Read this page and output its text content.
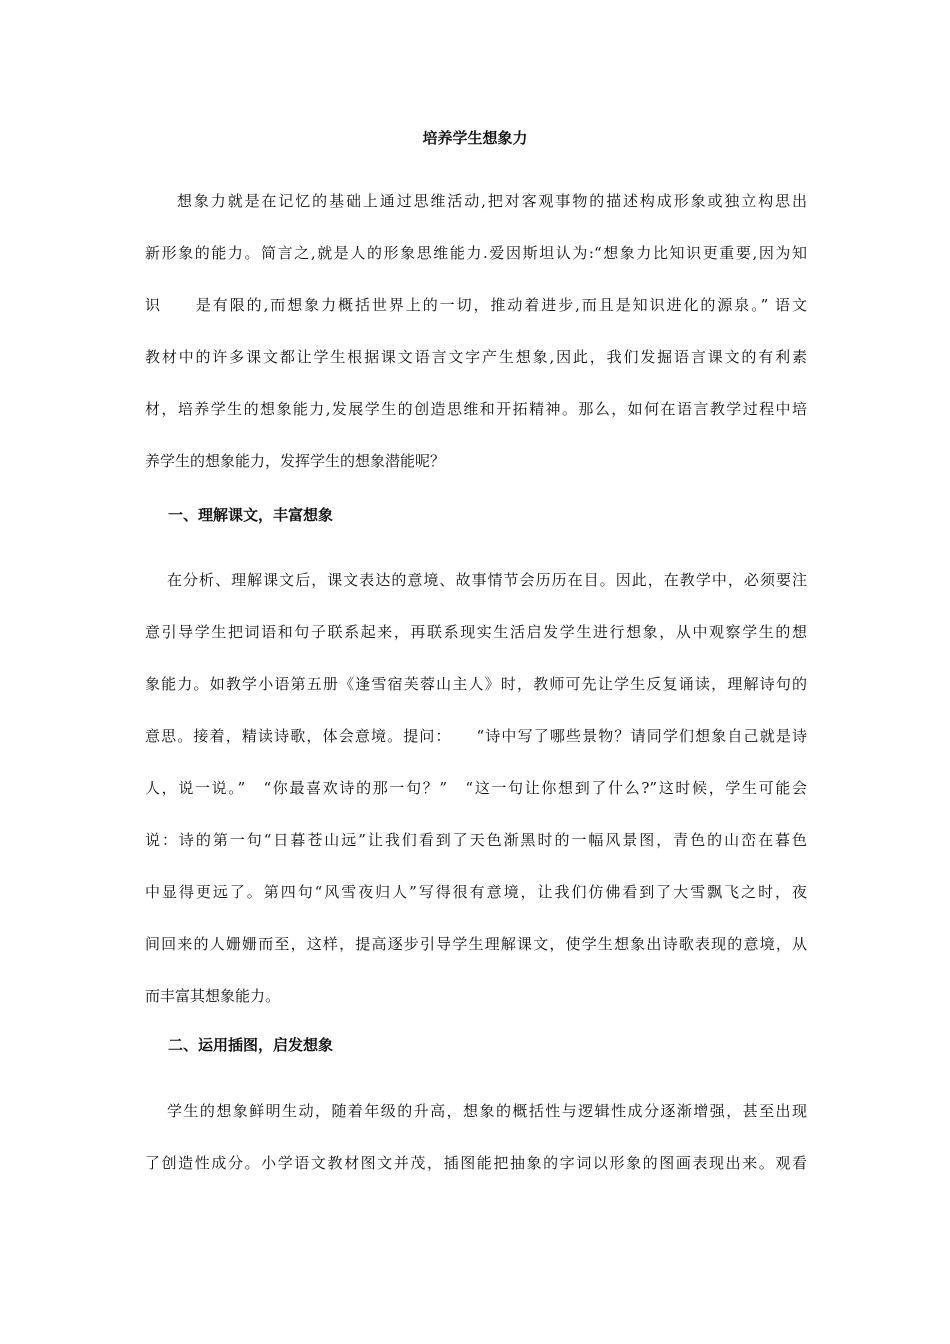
培养学生想象力
想象力就是在记忆的基础上通过思维活动,把对客观事物的描述构成形象或独立构思出
新形象的能力。简言之,就是人的形象思维能力.爱因斯坦认为:“想象力比知识更重要,因为知
识　　是有限的,而想象力概括世界上的一切，推动着进步,而且是知识进化的源泉。” 语文
教材中的许多课文都让学生根据课文语言文字产生想象,因此，我们发掘语言课文的有利素
材，培养学生的想象能力,发展学生的创造思维和开拓精神。那么，如何在语言教学过程中培
养学生的想象能力，发挥学生的想象潜能呢？
一、理解课文，丰富想象
在分析、理解课文后，课文表达的意境、故事情节会历历在目。因此，在教学中，必须要注
意引导学生把词语和句子联系起来，再联系现实生活启发学生进行想象，从中观察学生的想
象能力。如教学小语第五册《逢雪宿芙蓉山主人》时，教师可先让学生反复诵读，理解诗句的
意思。接着，精读诗歌，体会意境。提问：　　“诗中写了哪些景物？请同学们想象自己就是诗
人，说一说。”　“你最喜欢诗的那一句？”　“这一句让你想到了什么?”这时候，学生可能会
说：诗的第一句“日暮苍山远”让我们看到了天色渐黑时的一幅风景图，青色的山峦在暮色
中显得更远了。第四句“风雪夜归人”写得很有意境，让我们仿佛看到了大雪飘飞之时，夜
间回来的人姗姗而至，这样，提高逐步引导学生理解课文，使学生想象出诗歌表现的意境，从
而丰富其想象能力。
二、运用插图，启发想象
学生的想象鲜明生动，随着年级的升高，想象的概括性与逻辑性成分逐渐增强，甚至出现
了创造性成分。小学语文教材图文并茂，插图能把抽象的字词以形象的图画表现出来。观看
